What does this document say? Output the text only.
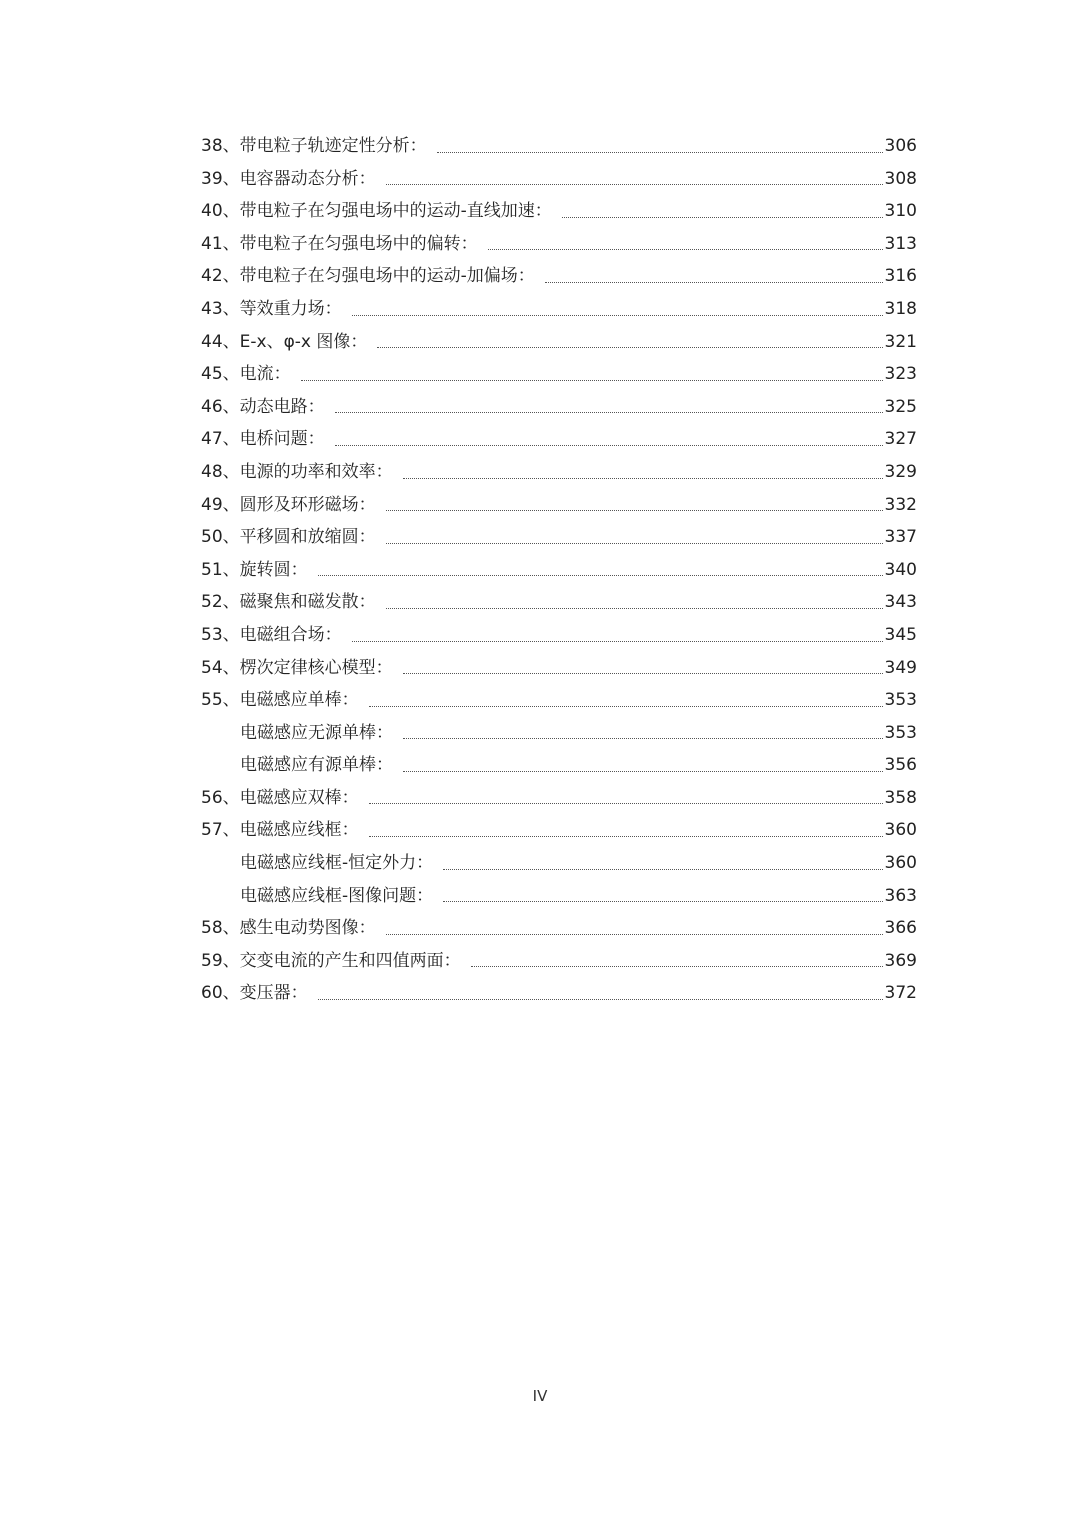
38、 带电粒子轨迹定性分析 ：	306
39、 电容器动态分析 ：	308
40、 带电粒子在匀强电场中的运动-直线加速 ：	310
41、 带电粒子在匀强电场中的偏转 ：	313
42、 带电粒子在匀强电场中的运动-加偏场 ：	316
43、 等效重力场 ：	318
44、 E-x、φ-x 图像 ：	321
45、 电流 ：	323
46、 动态电路 ：	325
47、 电桥问题 ：	327
48、 电源的功率和效率 ：	329
49、 圆形及环形磁场 ：	332
50、 平移圆和放缩圆 ：	337
51、 旋转圆 ：	340
52、 磁聚焦和磁发散 ：	343
53、 电磁组合场 ：	345
54、 楞次定律核心模型 ：	349
55、 电磁感应单棒 ：	353
电磁感应无源单棒 ：	353
电磁感应有源单棒 ：	356
56、 电磁感应双棒 ：	358
57、 电磁感应线框 ：	360
电磁感应线框-恒定外力 ：	360
电磁感应线框-图像问题 ：	363
58、 感生电动势图像 ：	366
59、 交变电流的产生和四值两面 ：	369
60、 变压器 ：	372
IV
